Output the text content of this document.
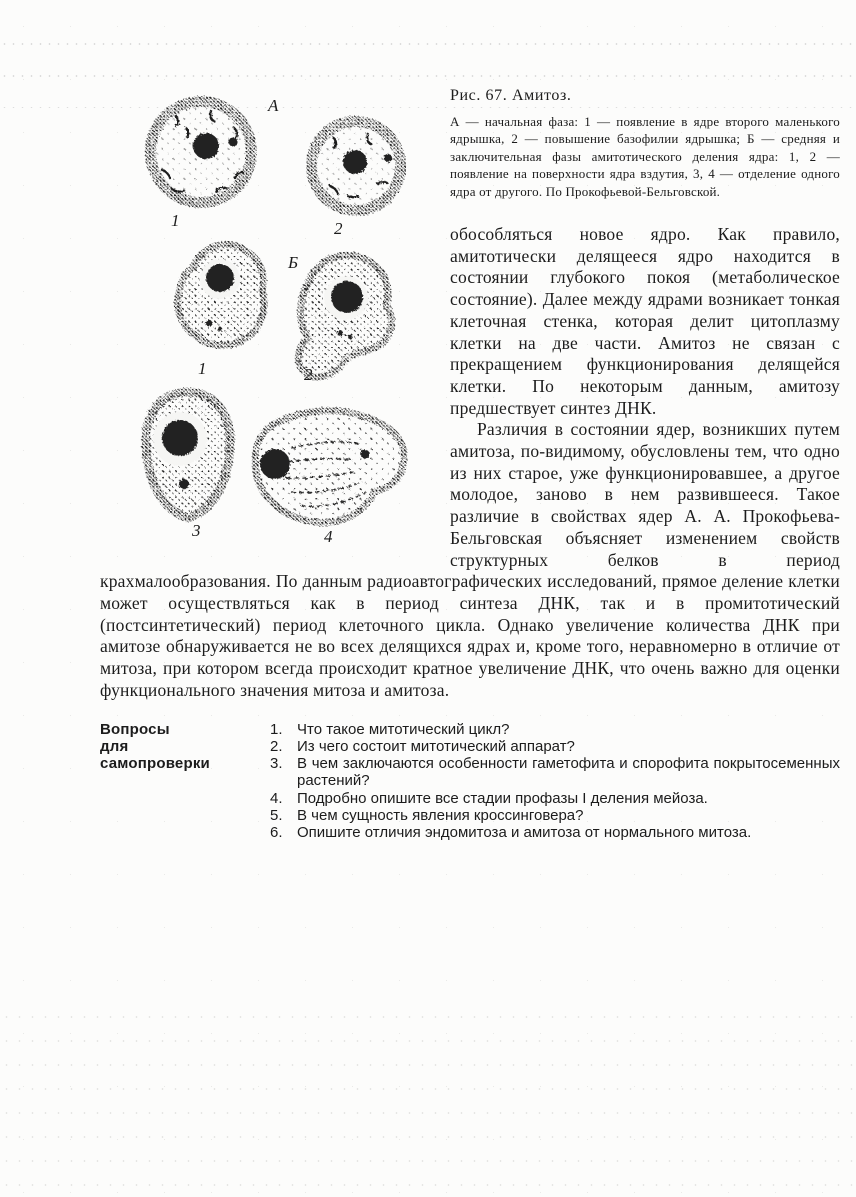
А
1	2
Б
1	2
3	4
Рис. 67. Амитоз.
А — начальная фаза: 1 — появление в ядре второго маленького ядрышка, 2 — повышение базофилии ядрышка; Б — средняя и заключительная фазы амитотического деления ядра: 1, 2 — появление на поверхности ядра вздутия, 3, 4 — отделение одного ядра от другого. По Прокофьевой-Бельговской.

обособляться новое ядро. Как правило, амитотически делящееся ядро находится в состоянии глубокого покоя (метаболическое состояние). Далее между ядрами возникает тонкая клеточная стенка, которая делит цитоплазму клетки на две части. Амитоз не связан с прекращением функционирования делящейся клетки. По некоторым данным, амитозу предшествует синтез ДНК.

Различия в состоянии ядер, возникших путем амитоза, по-видимому, обусловлены тем, что одно из них старое, уже функционировавшее, а другое молодое, заново в нем развившееся. Такое различие в свойствах ядер А. А. Прокофьева-Бельговская объясняет изменением свойств структурных белков в период крахмалообразования. По данным радиоавтографических исследований, прямое деление клетки может осуществляться как в период синтеза ДНК, так и в промитотический (постсинтетический) период клеточного цикла. Однако увеличение количества ДНК при амитозе обнаруживается не во всех делящихся ядрах и, кроме того, неравномерно в отличие от митоза, при котором всегда происходит кратное увеличение ДНК, что очень важно для оценки функционального значения митоза и амитоза.

Вопросы
для
самопроверки
1. Что такое митотический цикл?
2. Из чего состоит митотический аппарат?
3. В чем заключаются особенности гаметофита и спорофита покрытосеменных растений?
4. Подробно опишите все стадии профазы I деления мейоза.
5. В чем сущность явления кроссинговера?
6. Опишите отличия эндомитоза и амитоза от нормального митоза.
